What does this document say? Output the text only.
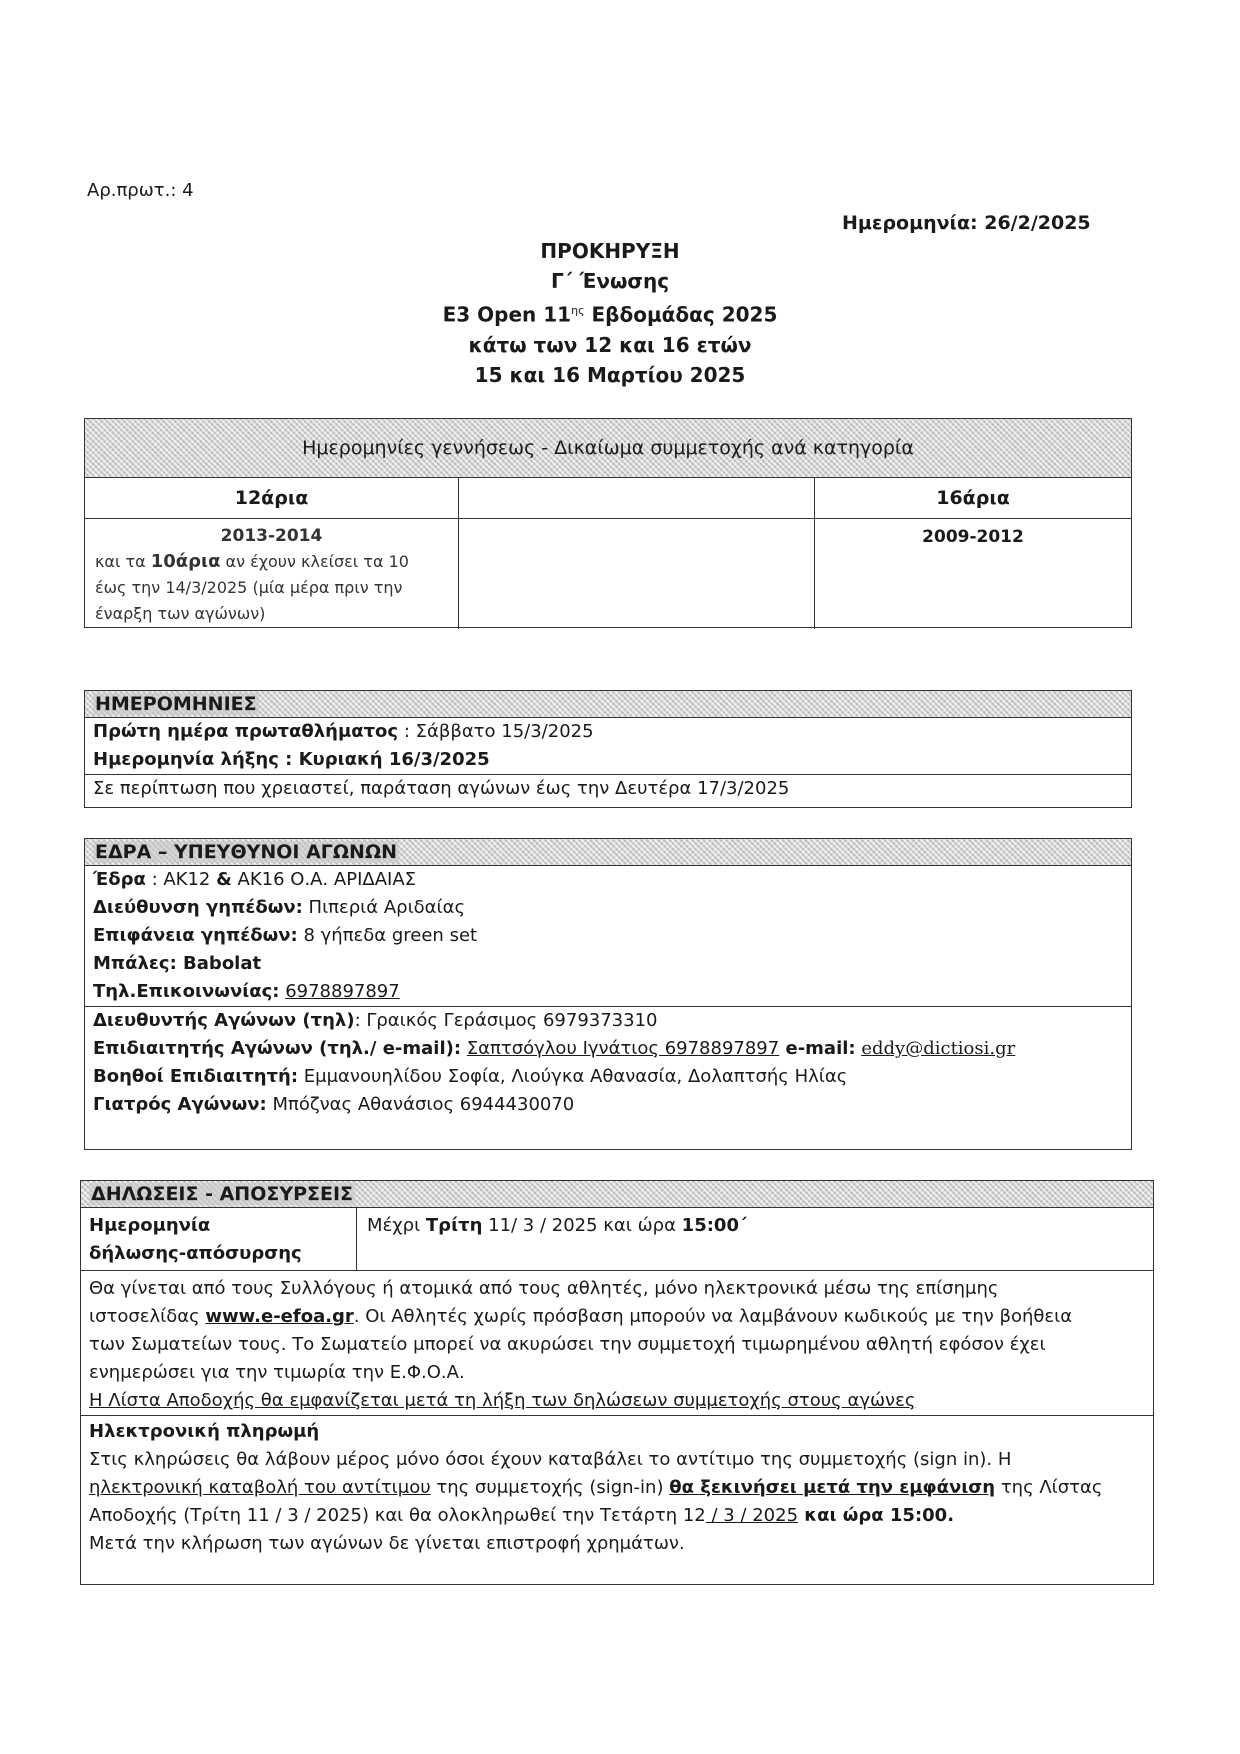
Αρ.πρωτ.: 4
Ημερομηνία: 26/2/2025
ΠΡΟΚΗΡΥΞΗ
Γ΄ Ένωσης
Ε3 Open $11^{\eta\varsigma}$ Εβδομάδας 2025
κάτω των 12 και 16 ετών
15 και 16 Μαρτίου 2025
Ημερομηνίες γεννήσεως - Δικαίωμα συμμετοχής ανά κατηγορία
12άρια	16άρια
2013-2014
και τα 10άρια αν έχουν κλείσει τα 10
έως την 14/3/2025 (μία μέρα πριν την
έναρξη των αγώνων)
2009-2012
ΗΜΕΡΟΜΗΝΙΕΣ
Πρώτη ημέρα πρωταθλήματος : Σάββατο 15/3/2025
Ημερομηνία λήξης : Κυριακή 16/3/2025
Σε περίπτωση που χρειαστεί, παράταση αγώνων έως την Δευτέρα 17/3/2025
ΕΔΡΑ – ΥΠΕΥΘΥΝΟΙ ΑΓΩΝΩΝ
Έδρα : ΑΚ12 & ΑΚ16 Ο.Α. ΑΡΙΔΑΙΑΣ
Διεύθυνση γηπέδων: Πιπεριά Αριδαίας
Επιφάνεια γηπέδων: 8 γήπεδα green set
Μπάλες: Babolat
Τηλ.Επικοινωνίας: 6978897897
Διευθυντής Αγώνων (τηλ): Γραικός Γεράσιμος 6979373310
Επιδιαιτητής Αγώνων (τηλ./ e-mail): Σαπτσόγλου Ιγνάτιος 6978897897 e-mail: eddy@dictiosi.gr
Βοηθοί Επιδιαιτητή: Εμμανουηλίδου Σοφία, Λιούγκα Αθανασία, Δολαπτσής Ηλίας
Γιατρός Αγώνων: Μπόζνας Αθανάσιος 6944430070
ΔΗΛΩΣΕΙΣ - ΑΠΟΣΥΡΣΕΙΣ
Ημερομηνία
δήλωσης-απόσυρσης
Μέχρι Τρίτη 11/ 3 / 2025 και ώρα 15:00΄
Θα γίνεται από τους Συλλόγους ή ατομικά από τους αθλητές, μόνο ηλεκτρονικά μέσω της επίσημης
ιστοσελίδας www.e-efoa.gr. Οι Αθλητές χωρίς πρόσβαση μπορούν να λαμβάνουν κωδικούς με την βοήθεια
των Σωματείων τους. Το Σωματείο μπορεί να ακυρώσει την συμμετοχή τιμωρημένου αθλητή εφόσον έχει
ενημερώσει για την τιμωρία την Ε.Φ.Ο.Α.
Η Λίστα Αποδοχής θα εμφανίζεται μετά τη λήξη των δηλώσεων συμμετοχής στους αγώνες
Ηλεκτρονική πληρωμή
Στις κληρώσεις θα λάβουν μέρος μόνο όσοι έχουν καταβάλει το αντίτιμο της συμμετοχής (sign in). Η
ηλεκτρονική καταβολή του αντίτιμου της συμμετοχής (sign-in) θα ξεκινήσει μετά την εμφάνιση της Λίστας
Αποδοχής (Τρίτη 11 / 3 / 2025) και θα ολοκληρωθεί την Τετάρτη 12 / 3 / 2025 και ώρα 15:00.
Μετά την κλήρωση των αγώνων δε γίνεται επιστροφή χρημάτων.
